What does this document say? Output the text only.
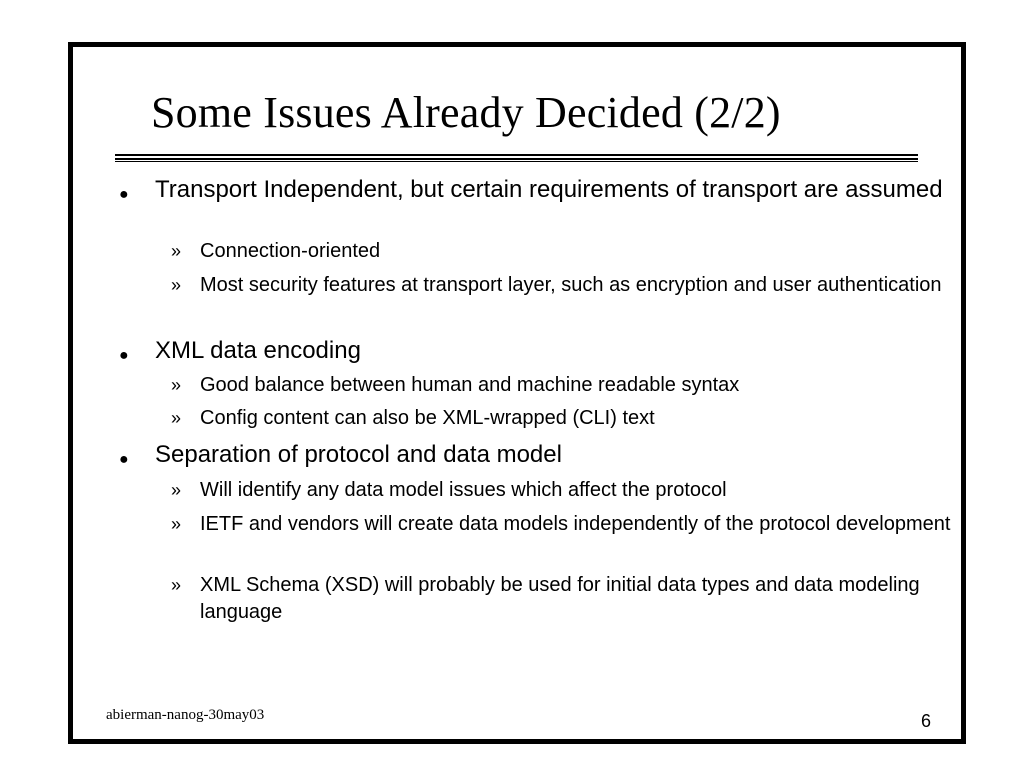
Some Issues Already Decided (2/2)
● Transport Independent, but certain requirements of transport are assumed
» Connection-oriented
» Most security features at transport layer, such as encryption and user authentication
● XML data encoding
» Good balance between human and machine readable syntax
» Config content can also be XML-wrapped (CLI) text
● Separation of protocol and data model
» Will identify any data model issues which affect the protocol
» IETF and vendors will create data models independently of the protocol development
» XML Schema (XSD) will probably be used for initial data types and data modeling language
abierman-nanog-30may03	6
